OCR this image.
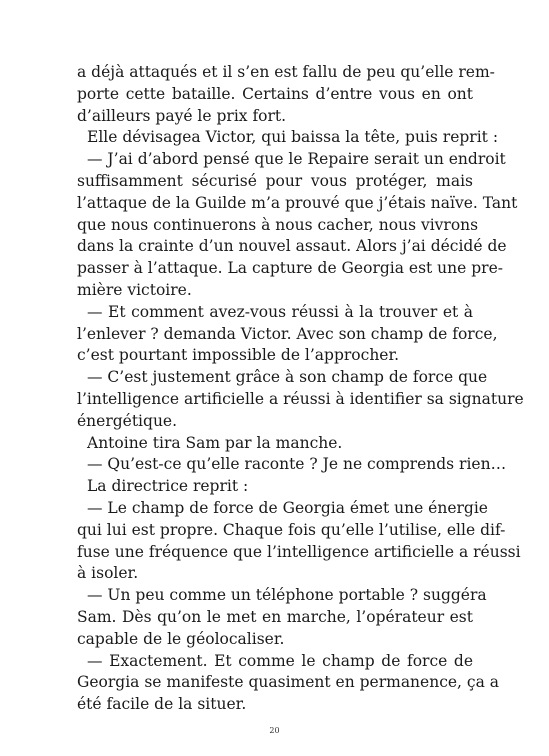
a déjà attaqués et il s’en est fallu de peu qu’elle rem-
porte cette bataille. Certains d’entre vous en ont
d’ailleurs payé le prix fort.
Elle dévisagea Victor, qui baissa la tête, puis reprit :
— J’ai d’abord pensé que le Repaire serait un endroit
suffisamment sécurisé pour vous protéger, mais
l’attaque de la Guilde m’a prouvé que j’étais naïve. Tant
que nous continuerons à nous cacher, nous vivrons
dans la crainte d’un nouvel assaut. Alors j’ai décidé de
passer à l’attaque. La capture de Georgia est une pre-
mière victoire.
— Et comment avez-vous réussi à la trouver et à
l’enlever ? demanda Victor. Avec son champ de force,
c’est pourtant impossible de l’approcher.
— C’est justement grâce à son champ de force que
l’intelligence artificielle a réussi à identifier sa signature
énergétique.
Antoine tira Sam par la manche.
— Qu’est-ce qu’elle raconte ? Je ne comprends rien…
La directrice reprit :
— Le champ de force de Georgia émet une énergie
qui lui est propre. Chaque fois qu’elle l’utilise, elle dif-
fuse une fréquence que l’intelligence artificielle a réussi
à isoler.
— Un peu comme un téléphone portable ? suggéra
Sam. Dès qu’on le met en marche, l’opérateur est
capable de le géolocaliser.
— Exactement. Et comme le champ de force de
Georgia se manifeste quasiment en permanence, ça a
été facile de la situer.
20
